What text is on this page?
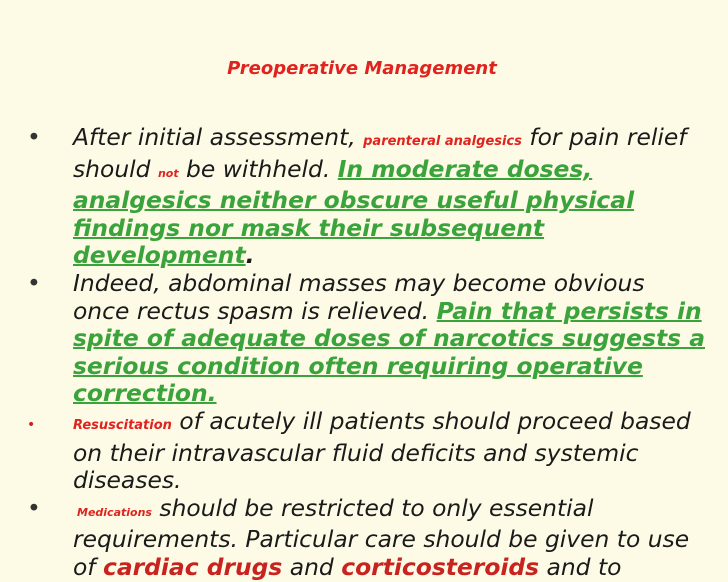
Preoperative Management
• After initial assessment, parenteral analgesics for pain relief should not be withheld. In moderate doses, analgesics neither obscure useful physical findings nor mask their subsequent development.
• Indeed, abdominal masses may become obvious once rectus spasm is relieved. Pain that persists in spite of adequate doses of narcotics suggests a serious condition often requiring operative correction.
•	Resuscitation of acutely ill patients should proceed based on their intravascular fluid deficits and systemic diseases.
•	Medications should be restricted to only essential requirements. Particular care should be given to use of cardiac drugs and corticosteroids and to
